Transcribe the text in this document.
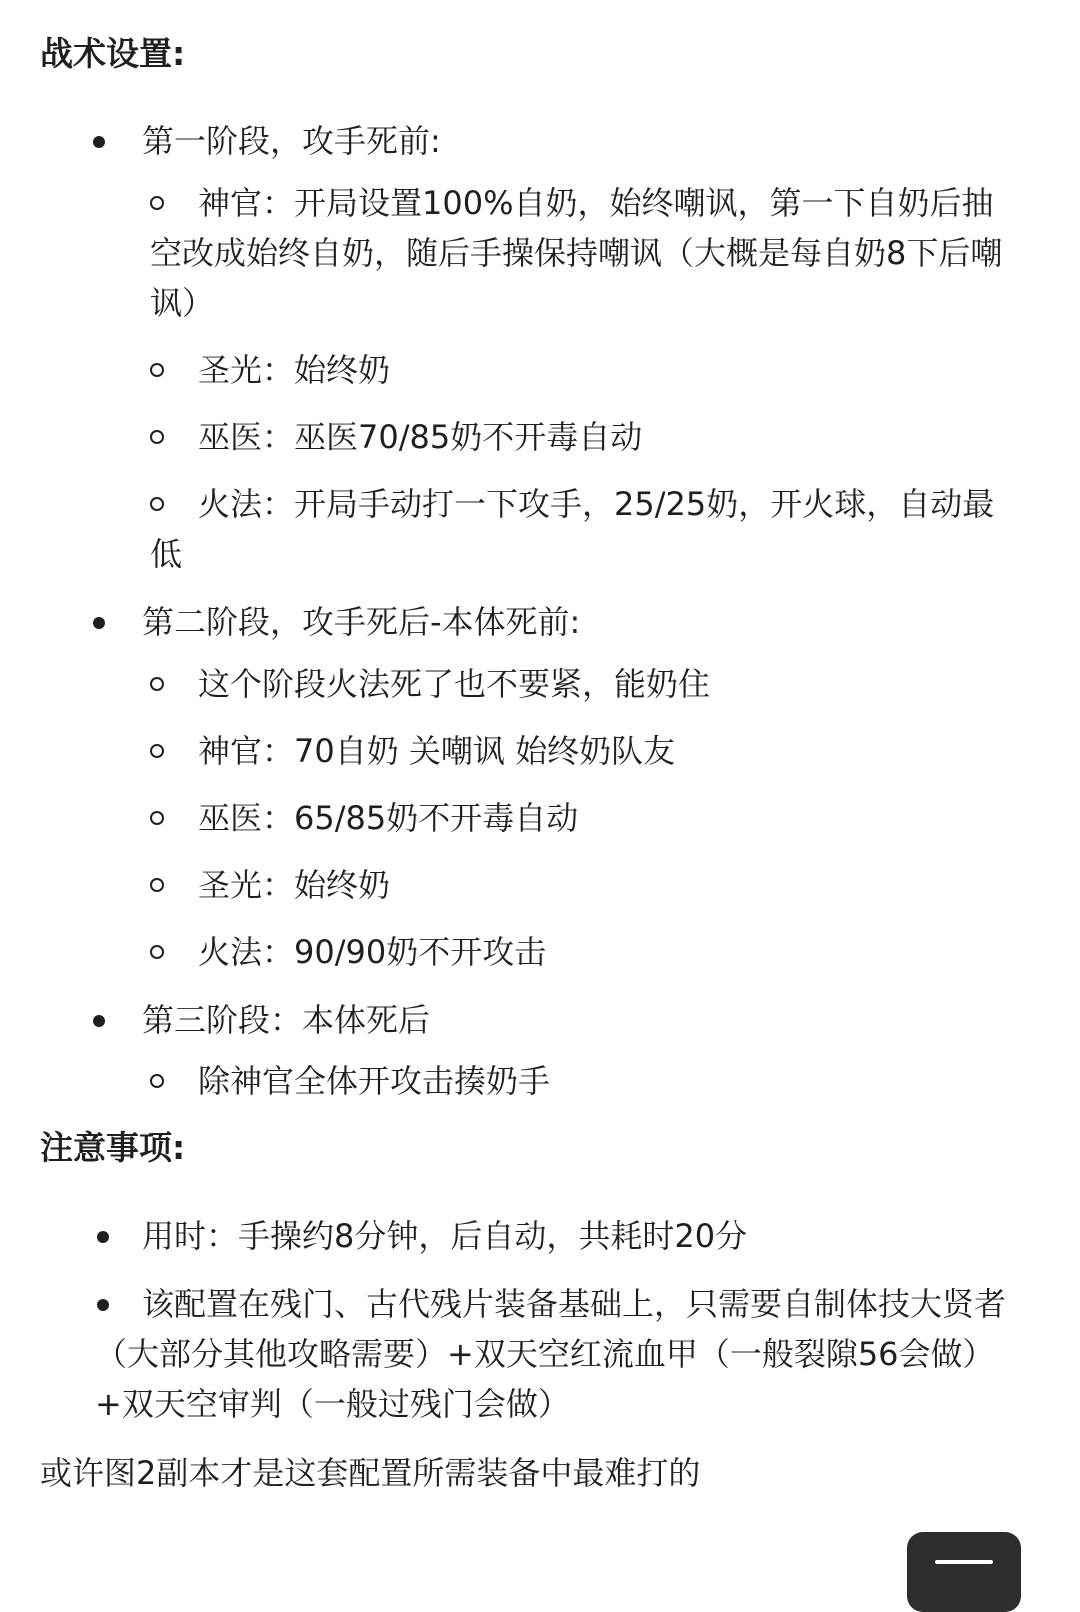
战术设置:
第一阶段，攻手死前:
神官：开局设置100%自奶，始终嘲讽，第一下自奶后抽空改成始终自奶，随后手操保持嘲讽（大概是每自奶8下后嘲讽）
圣光：始终奶
巫医：巫医70/85奶不开毒自动
火法：开局手动打一下攻手，25/25奶，开火球，自动最低
第二阶段，攻手死后-本体死前:
这个阶段火法死了也不要紧，能奶住
神官：70自奶 关嘲讽 始终奶队友
巫医：65/85奶不开毒自动
圣光：始终奶
火法：90/90奶不开攻击
第三阶段：本体死后
除神官全体开攻击揍奶手
注意事项:
用时：手操约8分钟，后自动，共耗时20分
该配置在残门、古代残片装备基础上，只需要自制体技大贤者（大部分其他攻略需要）+双天空红流血甲（一般裂隙56会做）+双天空审判（一般过残门会做）
或许图2副本才是这套配置所需装备中最难打的
